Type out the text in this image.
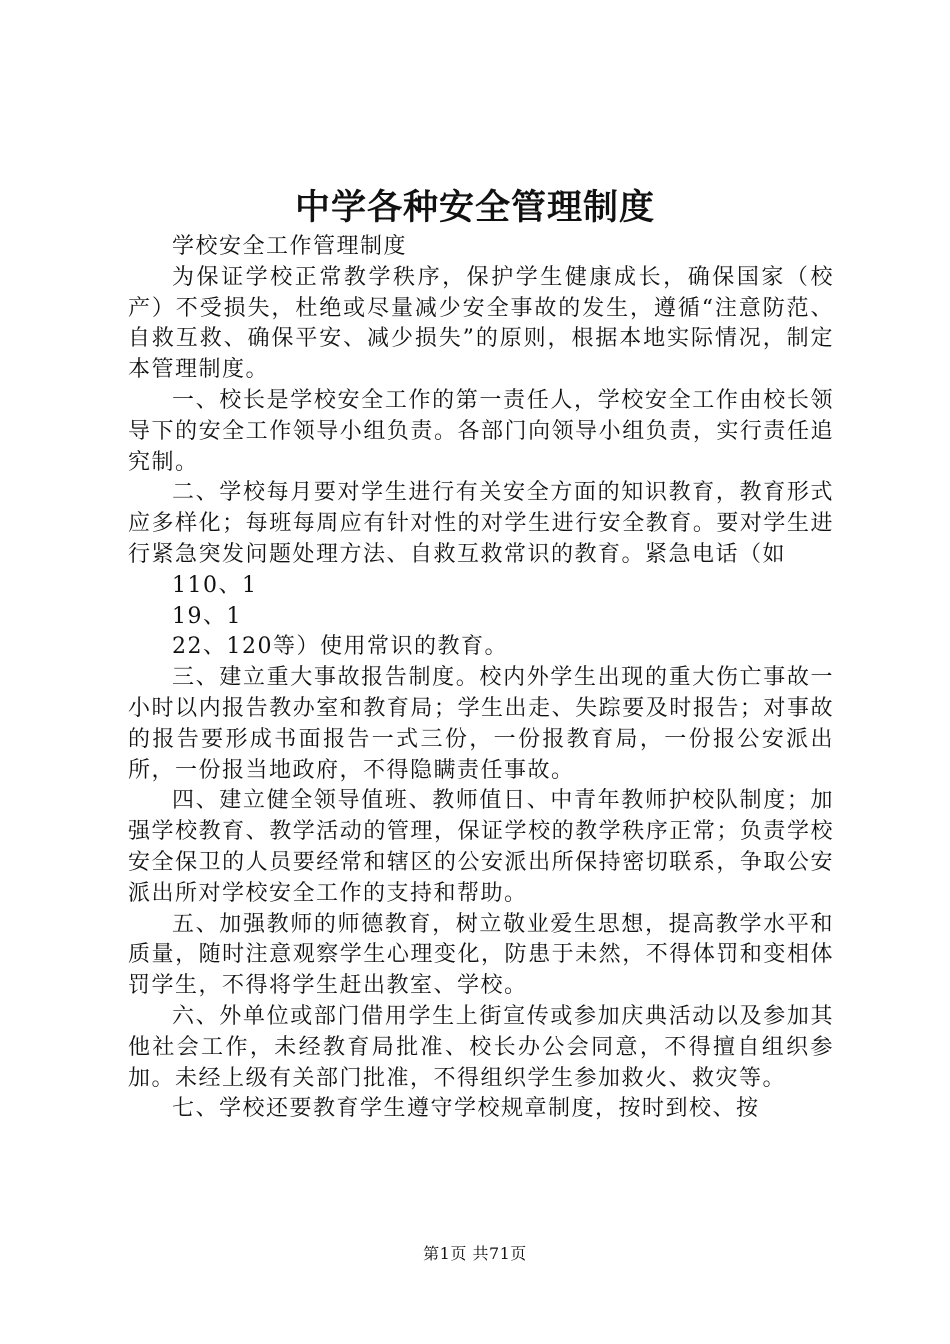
中学各种安全管理制度

学校安全工作管理制度

为保证学校正常教学秩序，保护学生健康成长，确保国家（校产）不受损失，杜绝或尽量减少安全事故的发生，遵循“注意防范、自救互救、确保平安、减少损失”的原则，根据本地实际情况，制定本管理制度。

一、校长是学校安全工作的第一责任人，学校安全工作由校长领导下的安全工作领导小组负责。各部门向领导小组负责，实行责任追究制。

二、学校每月要对学生进行有关安全方面的知识教育，教育形式应多样化；每班每周应有针对性的对学生进行安全教育。要对学生进行紧急突发问题处理方法、自救互救常识的教育。紧急电话（如

110、1

19、1

22、120等）使用常识的教育。

三、建立重大事故报告制度。校内外学生出现的重大伤亡事故一小时以内报告教办室和教育局；学生出走、失踪要及时报告；对事故的报告要形成书面报告一式三份，一份报教育局，一份报公安派出所，一份报当地政府，不得隐瞒责任事故。

四、建立健全领导值班、教师值日、中青年教师护校队制度；加强学校教育、教学活动的管理，保证学校的教学秩序正常；负责学校安全保卫的人员要经常和辖区的公安派出所保持密切联系，争取公安派出所对学校安全工作的支持和帮助。

五、加强教师的师德教育，树立敬业爱生思想，提高教学水平和质量，随时注意观察学生心理变化，防患于未然，不得体罚和变相体罚学生，不得将学生赶出教室、学校。

六、外单位或部门借用学生上街宣传或参加庆典活动以及参加其他社会工作，未经教育局批准、校长办公会同意，不得擅自组织参加。未经上级有关部门批准，不得组织学生参加救火、救灾等。

七、学校还要教育学生遵守学校规章制度，按时到校、按

第1页 共71页
